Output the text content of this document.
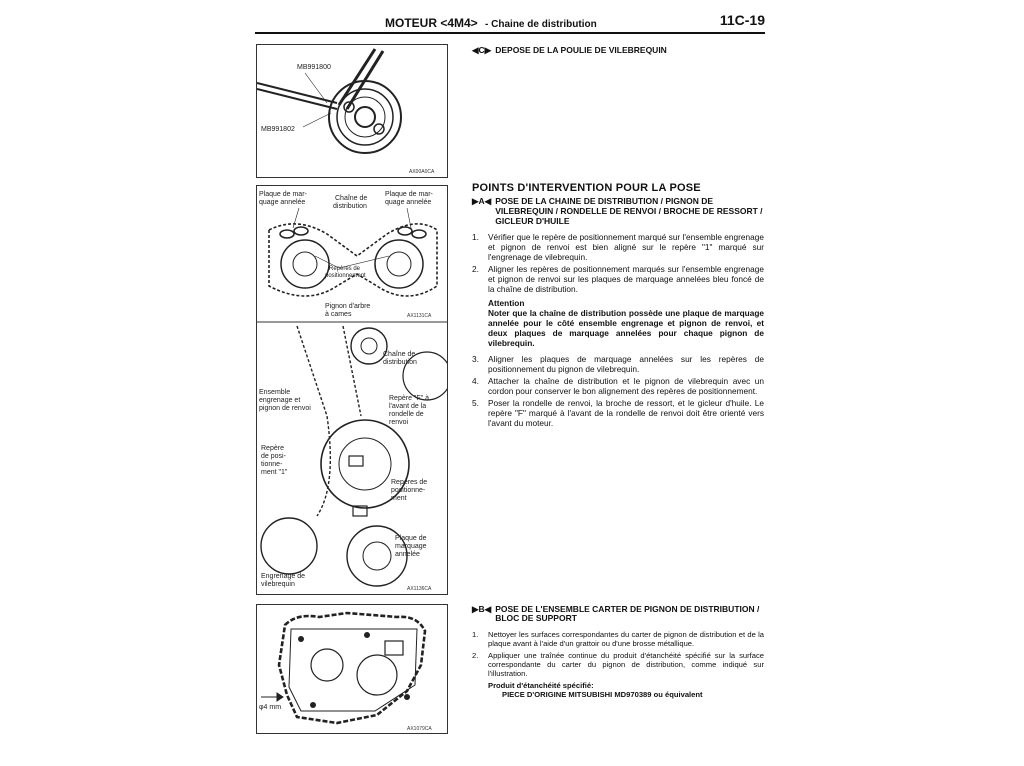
MOTEUR <4M4> - Chaine de distribution	11C-19
MB991800
MB991802
AX00A0CA
Plaque de mar-
quage annelée
Chaîne de
distribution
Plaque de mar-
quage annelée
Repères de
positionnement
Pignon d'arbre
à cames	AX1131CA
Chaîne de
distribution
Ensemble
engrenage et
pignon de renvoi
Repère "F" à
l'avant de la
rondelle de
renvoi
Repère
de posi-
tionne-
ment "1"
Repères de
positionne-
ment
Plaque de
marquage
annelée
Engrenage de
vilebrequin
AX1136CA
φ4 mm
AX1079CA
◀C▶ DEPOSE DE LA POULIE DE VILEBREQUIN
POINTS D'INTERVENTION POUR LA POSE
▶A◀ POSE DE LA CHAINE DE DISTRIBUTION / PIGNON DE VILEBREQUIN / RONDELLE DE RENVOI / BROCHE DE RESSORT / GICLEUR D'HUILE
1.	Vérifier que le repère de positionnement marqué sur l'ensemble engrenage et pignon de renvoi est bien aligné sur le repère "1" marqué sur l'engrenage de vilebrequin.
2.	Aligner les repères de positionnement marqués sur l'ensemble engrenage et pignon de renvoi sur les plaques de marquage annelées bleu foncé de la chaîne de distribution.
Attention
Noter que la chaîne de distribution possède une plaque de marquage annelée pour le côté ensemble engrenage et pignon de renvoi, et deux plaques de marquage annelées pour chaque pignon de vilebrequin.
3.	Aligner les plaques de marquage annelées sur les repères de positionnement du pignon de vilebrequin.
4.	Attacher la chaîne de distribution et le pignon de vilebrequin avec un cordon pour conserver le bon alignement des repères de positionnement.
5.	Poser la rondelle de renvoi, la broche de ressort, et le gicleur d'huile. Le repère "F" marqué à l'avant de la rondelle de renvoi doit être orienté vers l'avant du moteur.
▶B◀ POSE DE L'ENSEMBLE CARTER DE PIGNON DE DISTRIBUTION / BLOC DE SUPPORT
1.	Nettoyer les surfaces correspondantes du carter de pignon de distribution et de la plaque avant à l'aide d'un grattoir ou d'une brosse métallique.
2.	Appliquer une traînée continue du produit d'étanchéité spécifié sur la surface correspondante du carter du pignon de distribution, comme indiqué sur l'illustration.
Produit d'étanchéité spécifié:
PIECE D'ORIGINE MITSUBISHI MD970389 ou équivalent
